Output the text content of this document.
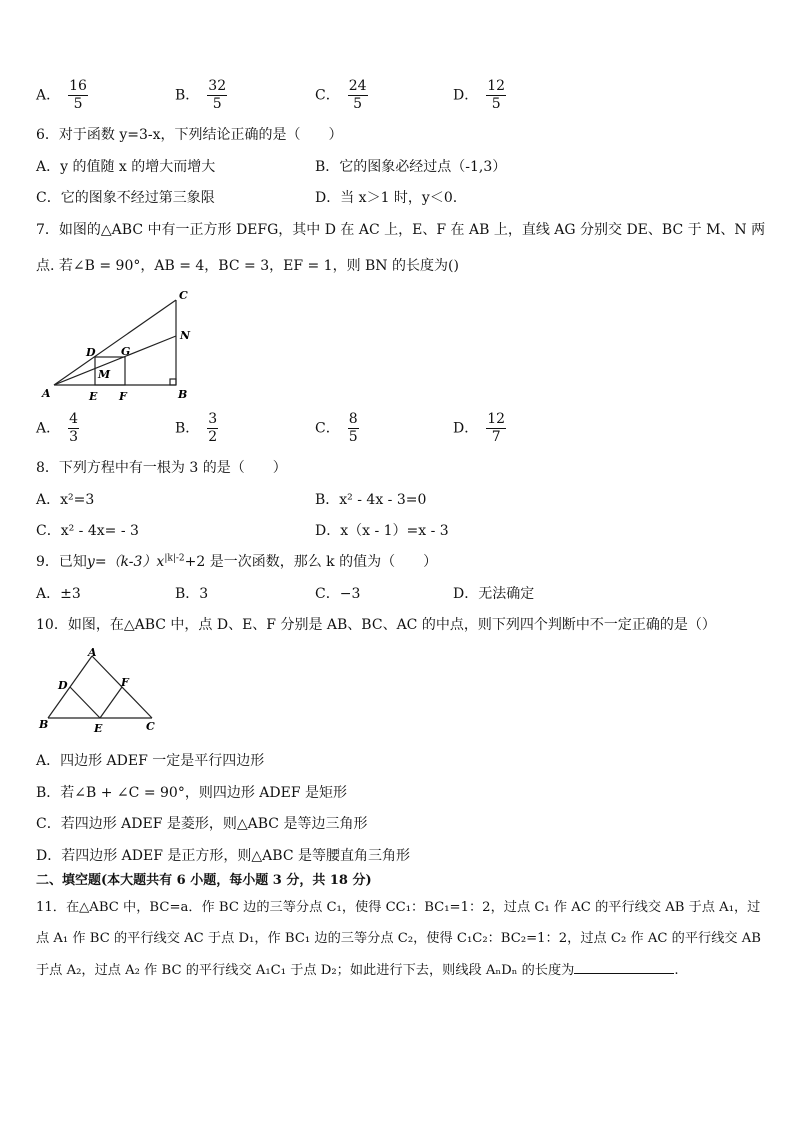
A． $\frac{16}{5}$	B． $\frac{32}{5}$	C． $\frac{24}{5}$	D． $\frac{12}{5}$
6．对于函数 y=3-x，下列结论正确的是（　　）
A．y 的值随 x 的增大而增大	B．它的图象必经过点（-1,3）
C．它的图象不经过第三象限	D．当 x＞1 时，y＜0.
7．如图的△ABC 中有一正方形 DEFG，其中 D 在 AC 上，E、F 在 AB 上，直线 AG 分别交 DE、BC 于 M、N 两
点. 若∠B = 90°，AB = 4，BC = 3，EF = 1，则 BN 的长度为()
A	B
C
D
E F
G
M
N
A． $\frac{4}{3}$	B． $\frac{3}{2}$	C． $\frac{8}{5}$	D． $\frac{12}{7}$
8．下列方程中有一根为 3 的是（　　）
A．x²=3	B．x² - 4x - 3=0
C．x² - 4x= - 3	D．x（x - 1）=x - 3
9．已知$y=(k-3)x^{|k|-2}+2$ 是一次函数，那么 k 的值为（　　）
A．±3	B．3	C．−3	D．无法确定
10．如图，在△ABC 中，点 D、E、F 分别是 AB、BC、AC 的中点，则下列四个判断中不一定正确的是（）
A
B	C
D
E
F
A．四边形 ADEF 一定是平行四边形
B．若∠B + ∠C = 90°，则四边形 ADEF 是矩形
C．若四边形 ADEF 是菱形，则△ABC 是等边三角形
D．若四边形 ADEF 是正方形，则△ABC 是等腰直角三角形
二、填空题(本大题共有 6 小题，每小题 3 分，共 18 分)
11．在△ABC 中，BC=a．作 BC 边的三等分点 C₁，使得 CC₁：BC₁=1：2，过点 C₁ 作 AC 的平行线交 AB 于点 A₁，过
点 A₁ 作 BC 的平行线交 AC 于点 D₁，作 BC₁ 边的三等分点 C₂，使得 C₁C₂：BC₂=1：2，过点 C₂ 作 AC 的平行线交 AB
于点 A₂，过点 A₂ 作 BC 的平行线交 A₁C₁ 于点 D₂；如此进行下去，则线段 AₙDₙ 的长度为	.
